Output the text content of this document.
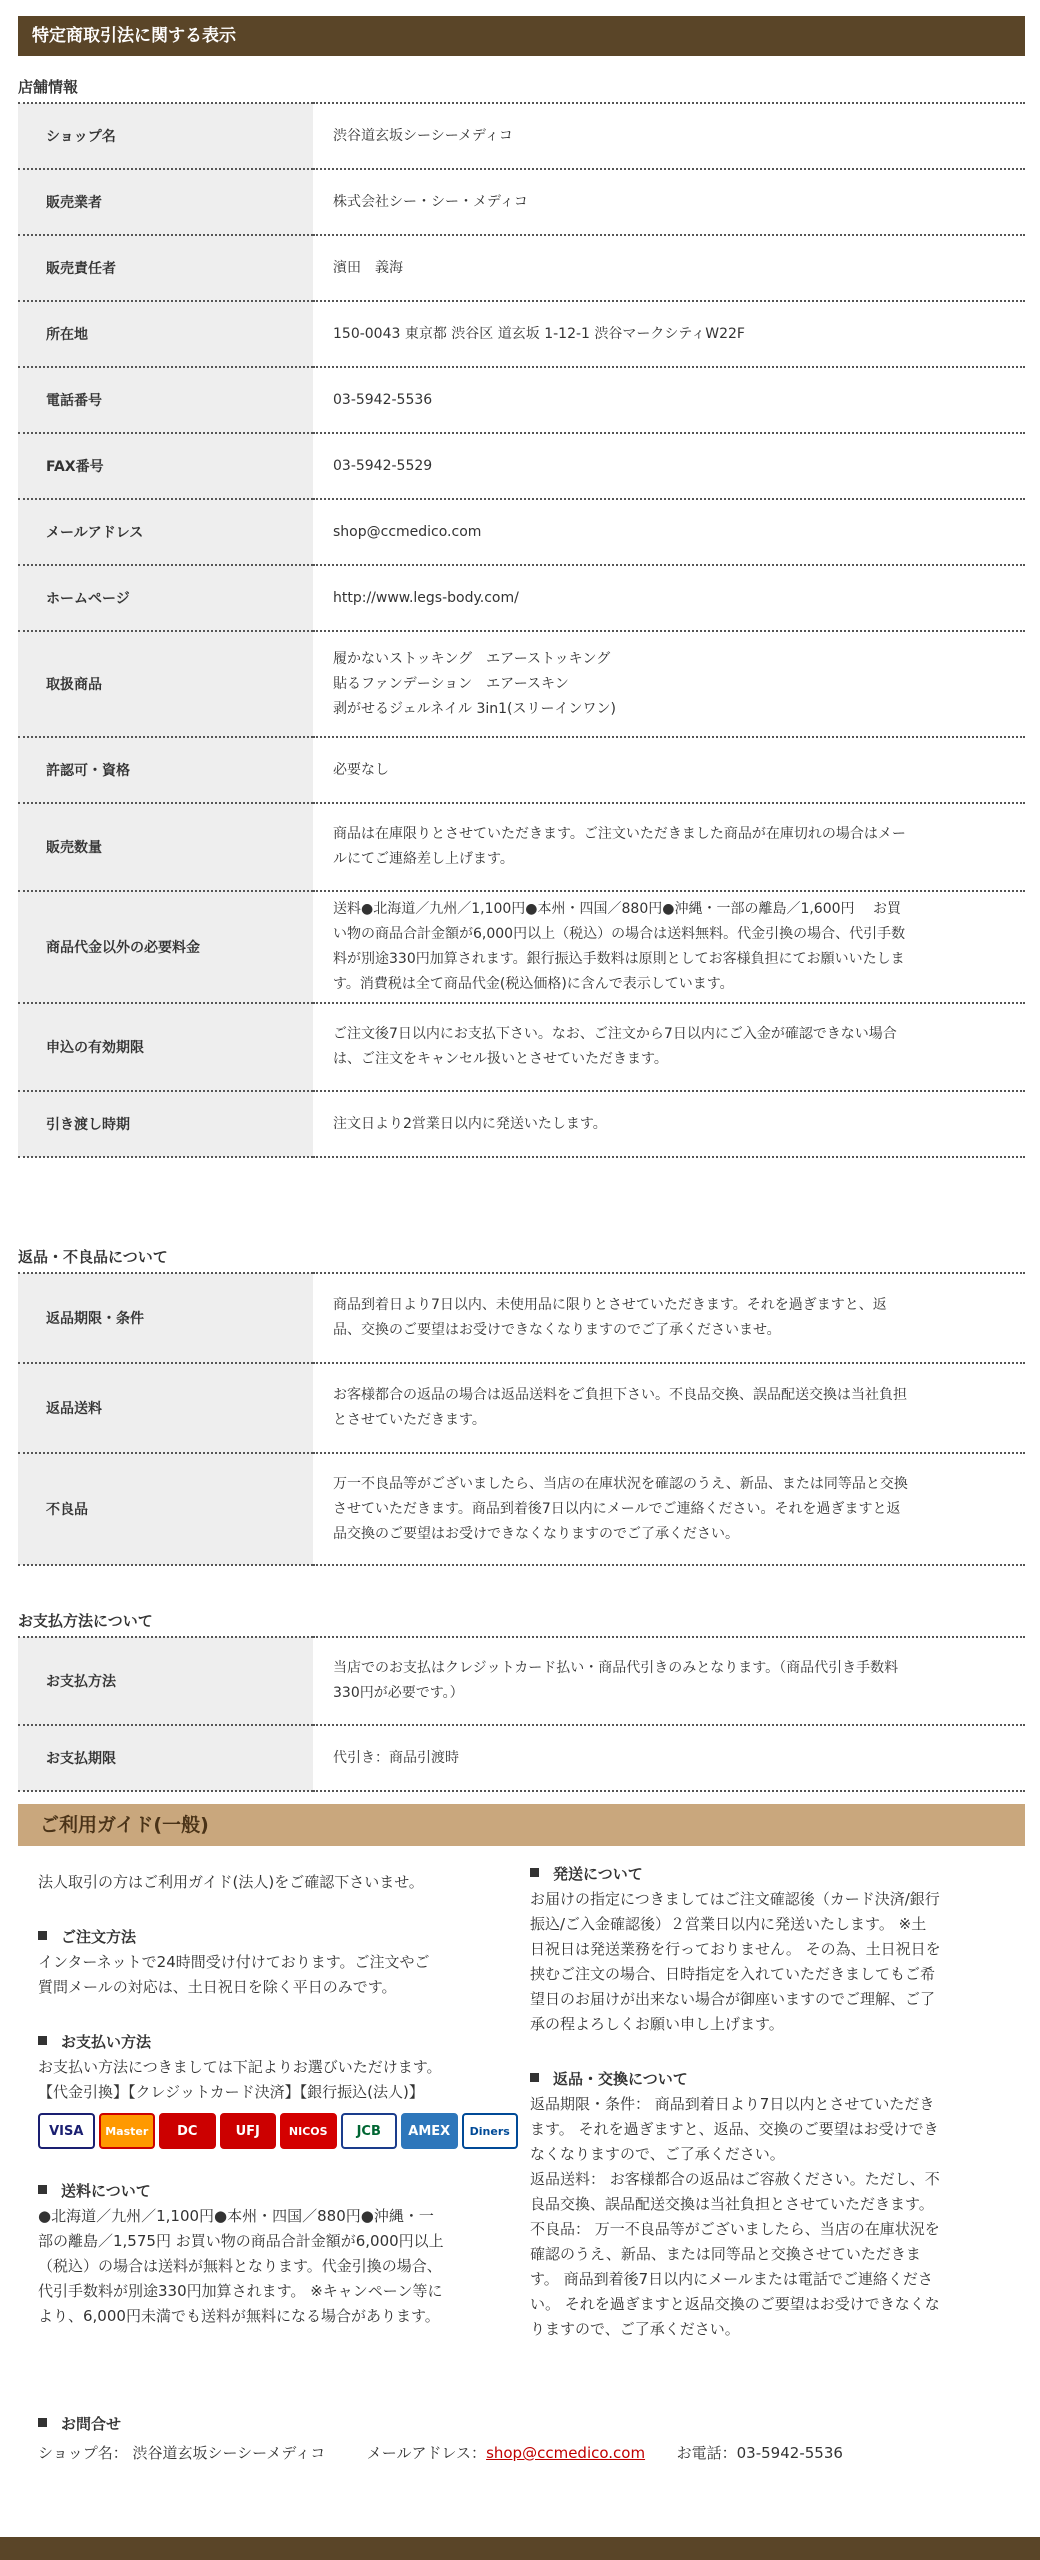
特定商取引法に関する表示
店舗情報
ショップ名	渋谷道玄坂シーシーメディコ

販売業者	株式会社シー・シー・メディコ

販売責任者	濱田　義海

所在地	150-0043 東京都 渋谷区 道玄坂 1-12-1 渋谷マークシティW22F

電話番号	03-5942-5536

FAX番号	03-5942-5529

メールアドレス	shop@ccmedico.com

ホームページ	http://www.legs-body.com/

取扱商品	履かないストッキング　エアーストッキング
貼るファンデーション　エアースキン
剥がせるジェルネイル 3in1(スリーインワン)

許認可・資格	必要なし

販売数量	商品は在庫限りとさせていただきます。ご注文いただきました商品が在庫切れの場合はメー
ルにてご連絡差し上げます。

商品代金以外の必要料金	送料●北海道／九州／1,100円●本州・四国／880円●沖縄・一部の離島／1,600円　 お買
い物の商品合計金額が6,000円以上（税込）の場合は送料無料。代金引換の場合、代引手数
料が別途330円加算されます。銀行振込手数料は原則としてお客様負担にてお願いいたしま
す。消費税は全て商品代金(税込価格)に含んで表示しています。

申込の有効期限	ご注文後7日以内にお支払下さい。なお、ご注文から7日以内にご入金が確認できない場合
は、ご注文をキャンセル扱いとさせていただきます。

引き渡し時期	注文日より2営業日以内に発送いたします。
返品・不良品について
返品期限・条件	商品到着日より7日以内、未使用品に限りとさせていただきます。それを過ぎますと、返
品、交換のご要望はお受けできなくなりますのでご了承くださいませ。

返品送料	お客様都合の返品の場合は返品送料をご負担下さい。不良品交換、誤品配送交換は当社負担
とさせていただきます。

不良品	万一不良品等がございましたら、当店の在庫状況を確認のうえ、新品、または同等品と交換
させていただきます。商品到着後7日以内にメールでご連絡ください。それを過ぎますと返
品交換のご要望はお受けできなくなりますのでご了承ください。
お支払方法について
お支払方法	当店でのお支払はクレジットカード払い・商品代引きのみとなります。（商品代引き手数料
330円が必要です。）

お支払期限	代引き：商品引渡時
ご利用ガイド(一般)

法人取引の方はご利用ガイド(法人)をご確認下さいませ。

ご注文方法

インターネットで24時間受け付けております。ご注文やご
質問メールの対応は、土日祝日を除く平日のみです。

お支払い方法

お支払い方法につきましては下記よりお選びいただけます。
【代金引換】【クレジットカード決済】【銀行振込(法人)】
VISA	Master	DC	UFJ	NICOS	JCB	AMEX	Diners

送料について

●北海道／九州／1,100円●本州・四国／880円●沖縄・一
部の離島／1,575円 お買い物の商品合計金額が6,000円以上
（税込）の場合は送料が無料となります。代金引換の場合、
代引手数料が別途330円加算されます。 ※キャンペーン等に
より、6,000円未満でも送料が無料になる場合があります。

発送について

お届けの指定につきましてはご注文確認後（カード決済/銀行
振込/ご入金確認後）２営業日以内に発送いたします。 ※土
日祝日は発送業務を行っておりません。 その為、土日祝日を
挟むご注文の場合、日時指定を入れていただきましてもご希
望日のお届けが出来ない場合が御座いますのでご理解、ご了
承の程よろしくお願い申し上げます。

返品・交換について

返品期限・条件： 商品到着日より7日以内とさせていただき
ます。 それを過ぎますと、返品、交換のご要望はお受けでき
なくなりますので、ご了承ください。
返品送料： お客様都合の返品はご容赦ください。ただし、不
良品交換、誤品配送交換は当社負担とさせていただきます。
不良品： 万一不良品等がございましたら、当店の在庫状況を
確認のうえ、新品、または同等品と交換させていただきま
す。 商品到着後7日以内にメールまたは電話でご連絡くださ
い。 それを過ぎますと返品交換のご要望はお受けできなくな
りますので、ご了承ください。

お問合せ

ショップ名： 渋谷道玄坂シーシーメディコ	メールアドレス：shop@ccmedico.com お電話：03-5942-5536
